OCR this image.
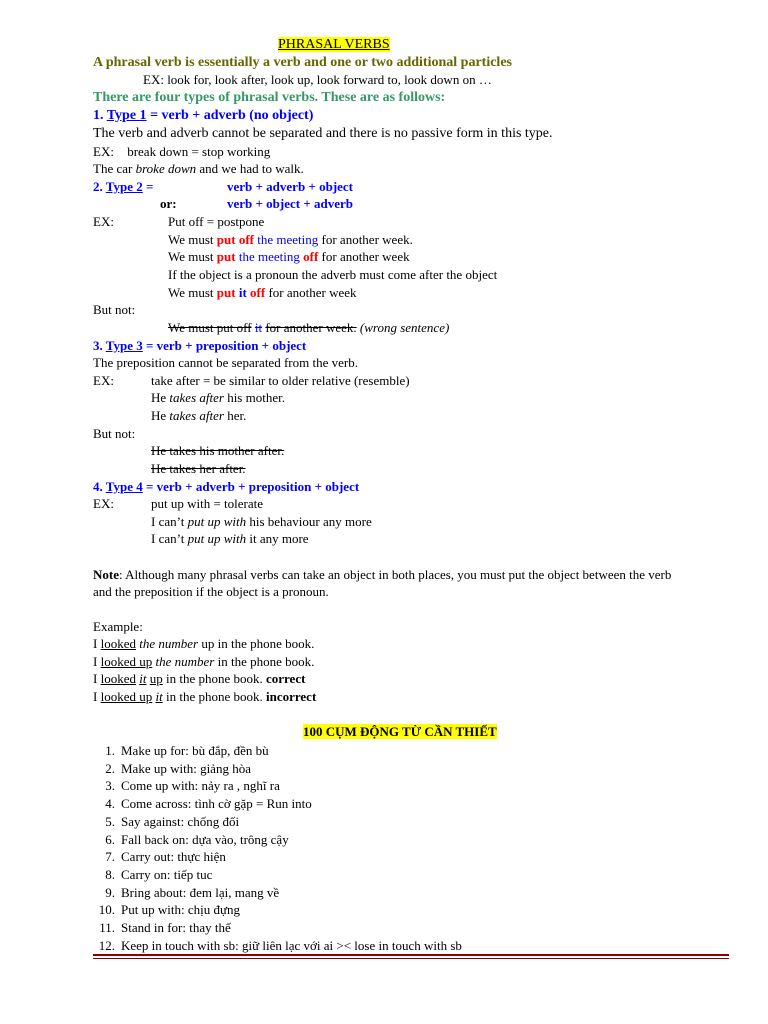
PHRASAL VERBS
A phrasal verb is essentially a verb and one or two additional particles
EX: look for, look after, look up, look forward to, look down on …
There are four types of phrasal verbs. These are as follows:
1. Type 1 = verb + adverb (no object)
The verb and adverb cannot be separated and there is no passive form in this type.
EX: break down = stop working
The car broke down and we had to walk.
2. Type 2 =	verb + adverb + object
or:	verb + object + adverb
EX:	Put off = postpone
We must put off the meeting for another week.
We must put the meeting off for another week
If the object is a pronoun the adverb must come after the object
We must put it off for another week
But not:
We must put off it for another week. (wrong sentence)
3. Type 3 = verb + preposition + object
The preposition cannot be separated from the verb.
EX:	take after = be similar to older relative (resemble)
He takes after his mother.
He takes after her.
But not:
He takes his mother after.
He takes her after.
4. Type 4 = verb + adverb + preposition + object
EX:	put up with = tolerate
I can’t put up with his behaviour any more
I can’t put up with it any more
Note: Although many phrasal verbs can take an object in both places, you must put the object between the verb
and the preposition if the object is a pronoun.
Example:
I looked the number up in the phone book.
I looked up the number in the phone book.
I looked it up in the phone book. correct
I looked up it in the phone book. incorrect
100 CỤM ĐỘNG TỪ CẦN THIẾT
1. Make up for: bù đắp, đền bù
2. Make up with: giảng hòa
3. Come up with: nảy ra , nghĩ ra
4. Come across: tình cờ gặp = Run into
5. Say against: chống đối
6. Fall back on: dựa vào, trông cậy
7. Carry out: thực hiện
8. Carry on: tiếp tuc
9. Bring about: đem lại, mang về
10. Put up with: chịu đựng
11. Stand in for: thay thế
12. Keep in touch with sb: giữ liên lạc với ai >< lose in touch with sb
